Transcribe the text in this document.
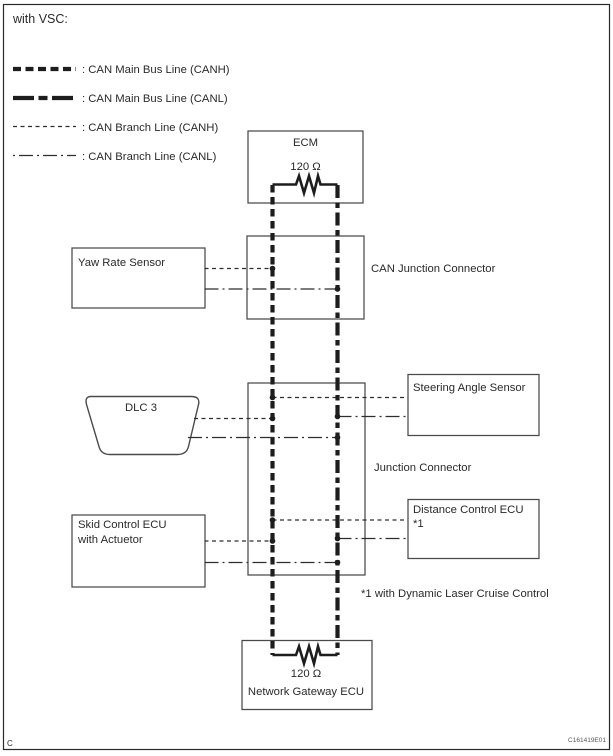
with VSC:
: CAN Main Bus Line (CANH)
: CAN Main Bus Line (CANL)
: CAN Branch Line (CANH)
: CAN Branch Line (CANL)
ECM
120 Ω
Yaw Rate Sensor	CAN Junction Connector
DLC 3
Steering Angle Sensor
Junction Connector
Skid Control ECU
with Actuetor
Distance Control ECU
*1
120 Ω
Network Gateway ECU
*1 with Dynamic Laser Cruise Control
C	C161419E01
